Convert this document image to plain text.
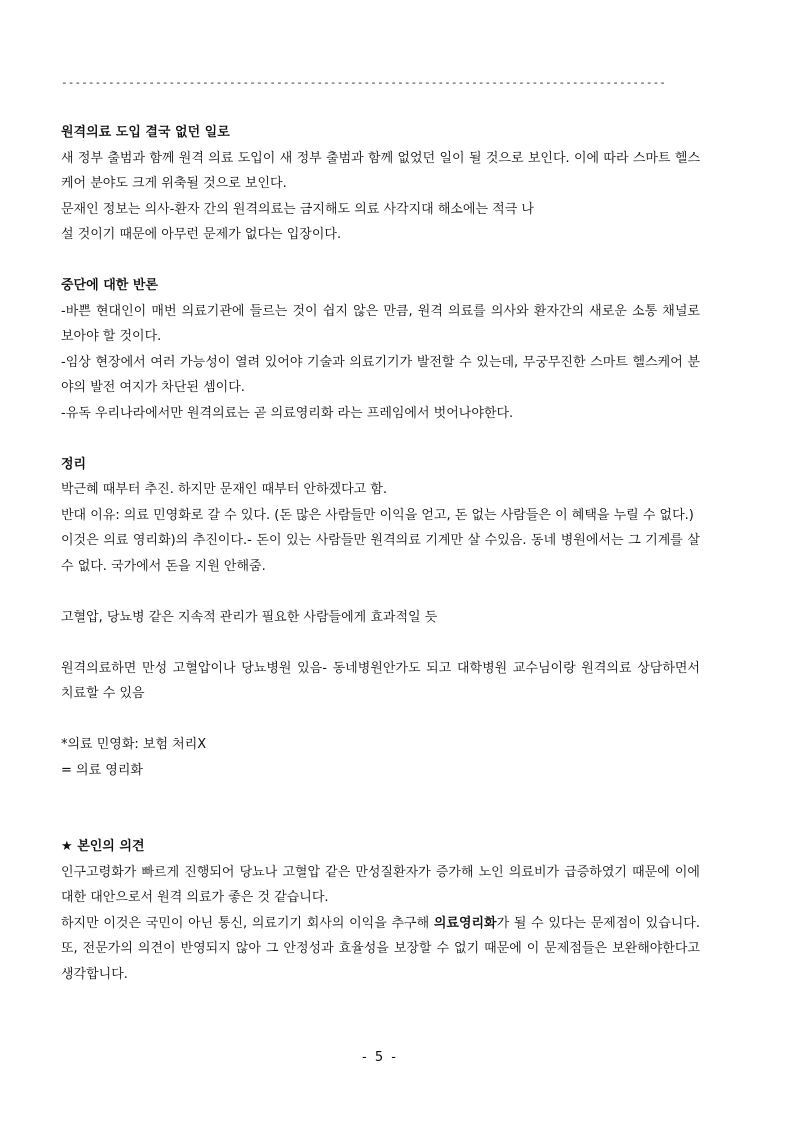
------------------------------------------------------------------------------------------

원격의료 도입 결국 없던 일로

새 정부 출범과 함께 원격 의료 도입이 새 정부 출범과 함께 없었던 일이 될 것으로 보인다. 이에 따라 스마트 헬스케어 분야도 크게 위축될 것으로 보인다.

문재인 정보는 의사-환자 간의 원격의료는 금지해도 의료 사각지대 해소에는 적극 나

설 것이기 때문에 아무런 문제가 없다는 입장이다.

중단에 대한 반론

-바쁜 현대인이 매번 의료기관에 들르는 것이 쉽지 않은 만큼, 원격 의료를 의사와 환자간의 새로운 소통 채널로 보아야 할 것이다.

-임상 현장에서 여러 가능성이 열려 있어야 기술과 의료기기가 발전할 수 있는데, 무궁무진한 스마트 헬스케어 분야의 발전 여지가 차단된 셈이다.

-유독 우리나라에서만 원격의료는 곧 의료영리화 라는 프레임에서 벗어나야한다.

정리

박근혜 때부터 추진. 하지만 문재인 때부터 안하겠다고 함.

반대 이유: 의료 민영화로 갈 수 있다. (돈 많은 사람들만 이익을 얻고, 돈 없는 사람들은 이 혜택을 누릴 수 없다.)

이것은 의료 영리화)의 추진이다.- 돈이 있는 사람들만 원격의료 기계만 살 수있음. 동네 병원에서는 그 기계를 살 수 없다. 국가에서 돈을 지원 안해줌.

고혈압, 당뇨병 같은 지속적 관리가 필요한 사람들에게 효과적일 듯

원격의료하면 만성 고혈압이나 당뇨병원 있음- 동네병원안가도 되고 대학병원 교수님이랑 원격의료 상담하면서 치료할 수 있음

*의료 민영화: 보험 처리X

= 의료 영리화

★ 본인의 의견

인구고령화가 빠르게 진행되어 당뇨나 고혈압 같은 만성질환자가 증가해 노인 의료비가 급증하였기 때문에 이에 대한 대안으로서 원격 의료가 좋은 것 같습니다.

하지만 이것은 국민이 아닌 통신, 의료기기 회사의 이익을 추구해 의료영리화가 될 수 있다는 문제점이 있습니다. 또, 전문가의 의견이 반영되지 않아 그 안정성과 효율성을 보장할 수 없기 때문에 이 문제점들은 보완해야한다고 생각합니다.

- 5 -
